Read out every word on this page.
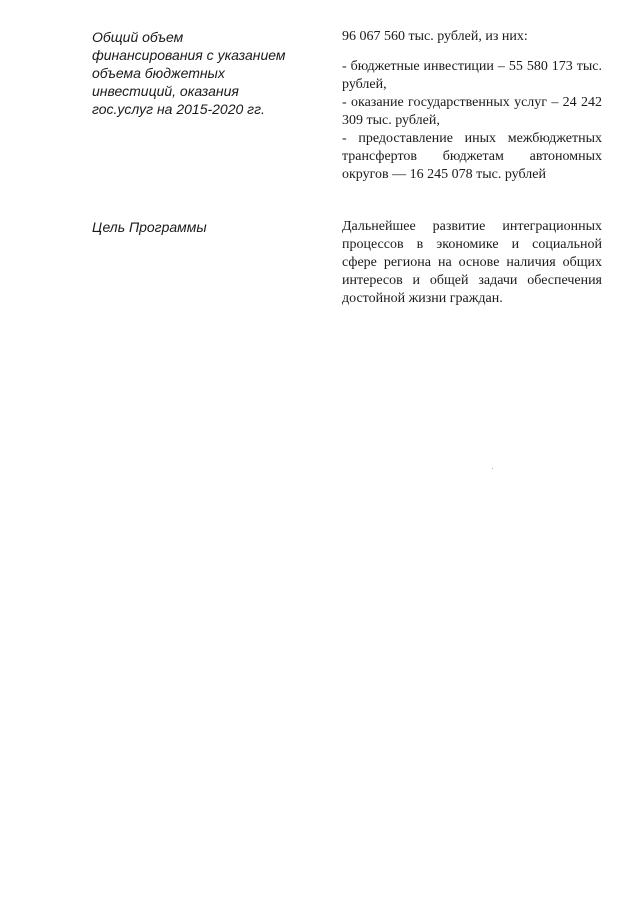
Общий объем финансирования с указанием объема бюджетных инвестиций, оказания гос.услуг на 2015-2020 гг.

96 067 560 тыс. рублей, из них:

- бюджетные инвестиции – 55 580 173 тыс. рублей,

- оказание государственных услуг – 24 242 309 тыс. рублей,

- предоставление иных межбюджетных трансфертов бюджетам автономных округов — 16 245 078 тыс. рублей

Цель Программы	Дальнейшее развитие интеграционных процессов в экономике и социальной сфере региона на основе наличия общих интересов и общей задачи обеспечения достойной жизни граждан.
